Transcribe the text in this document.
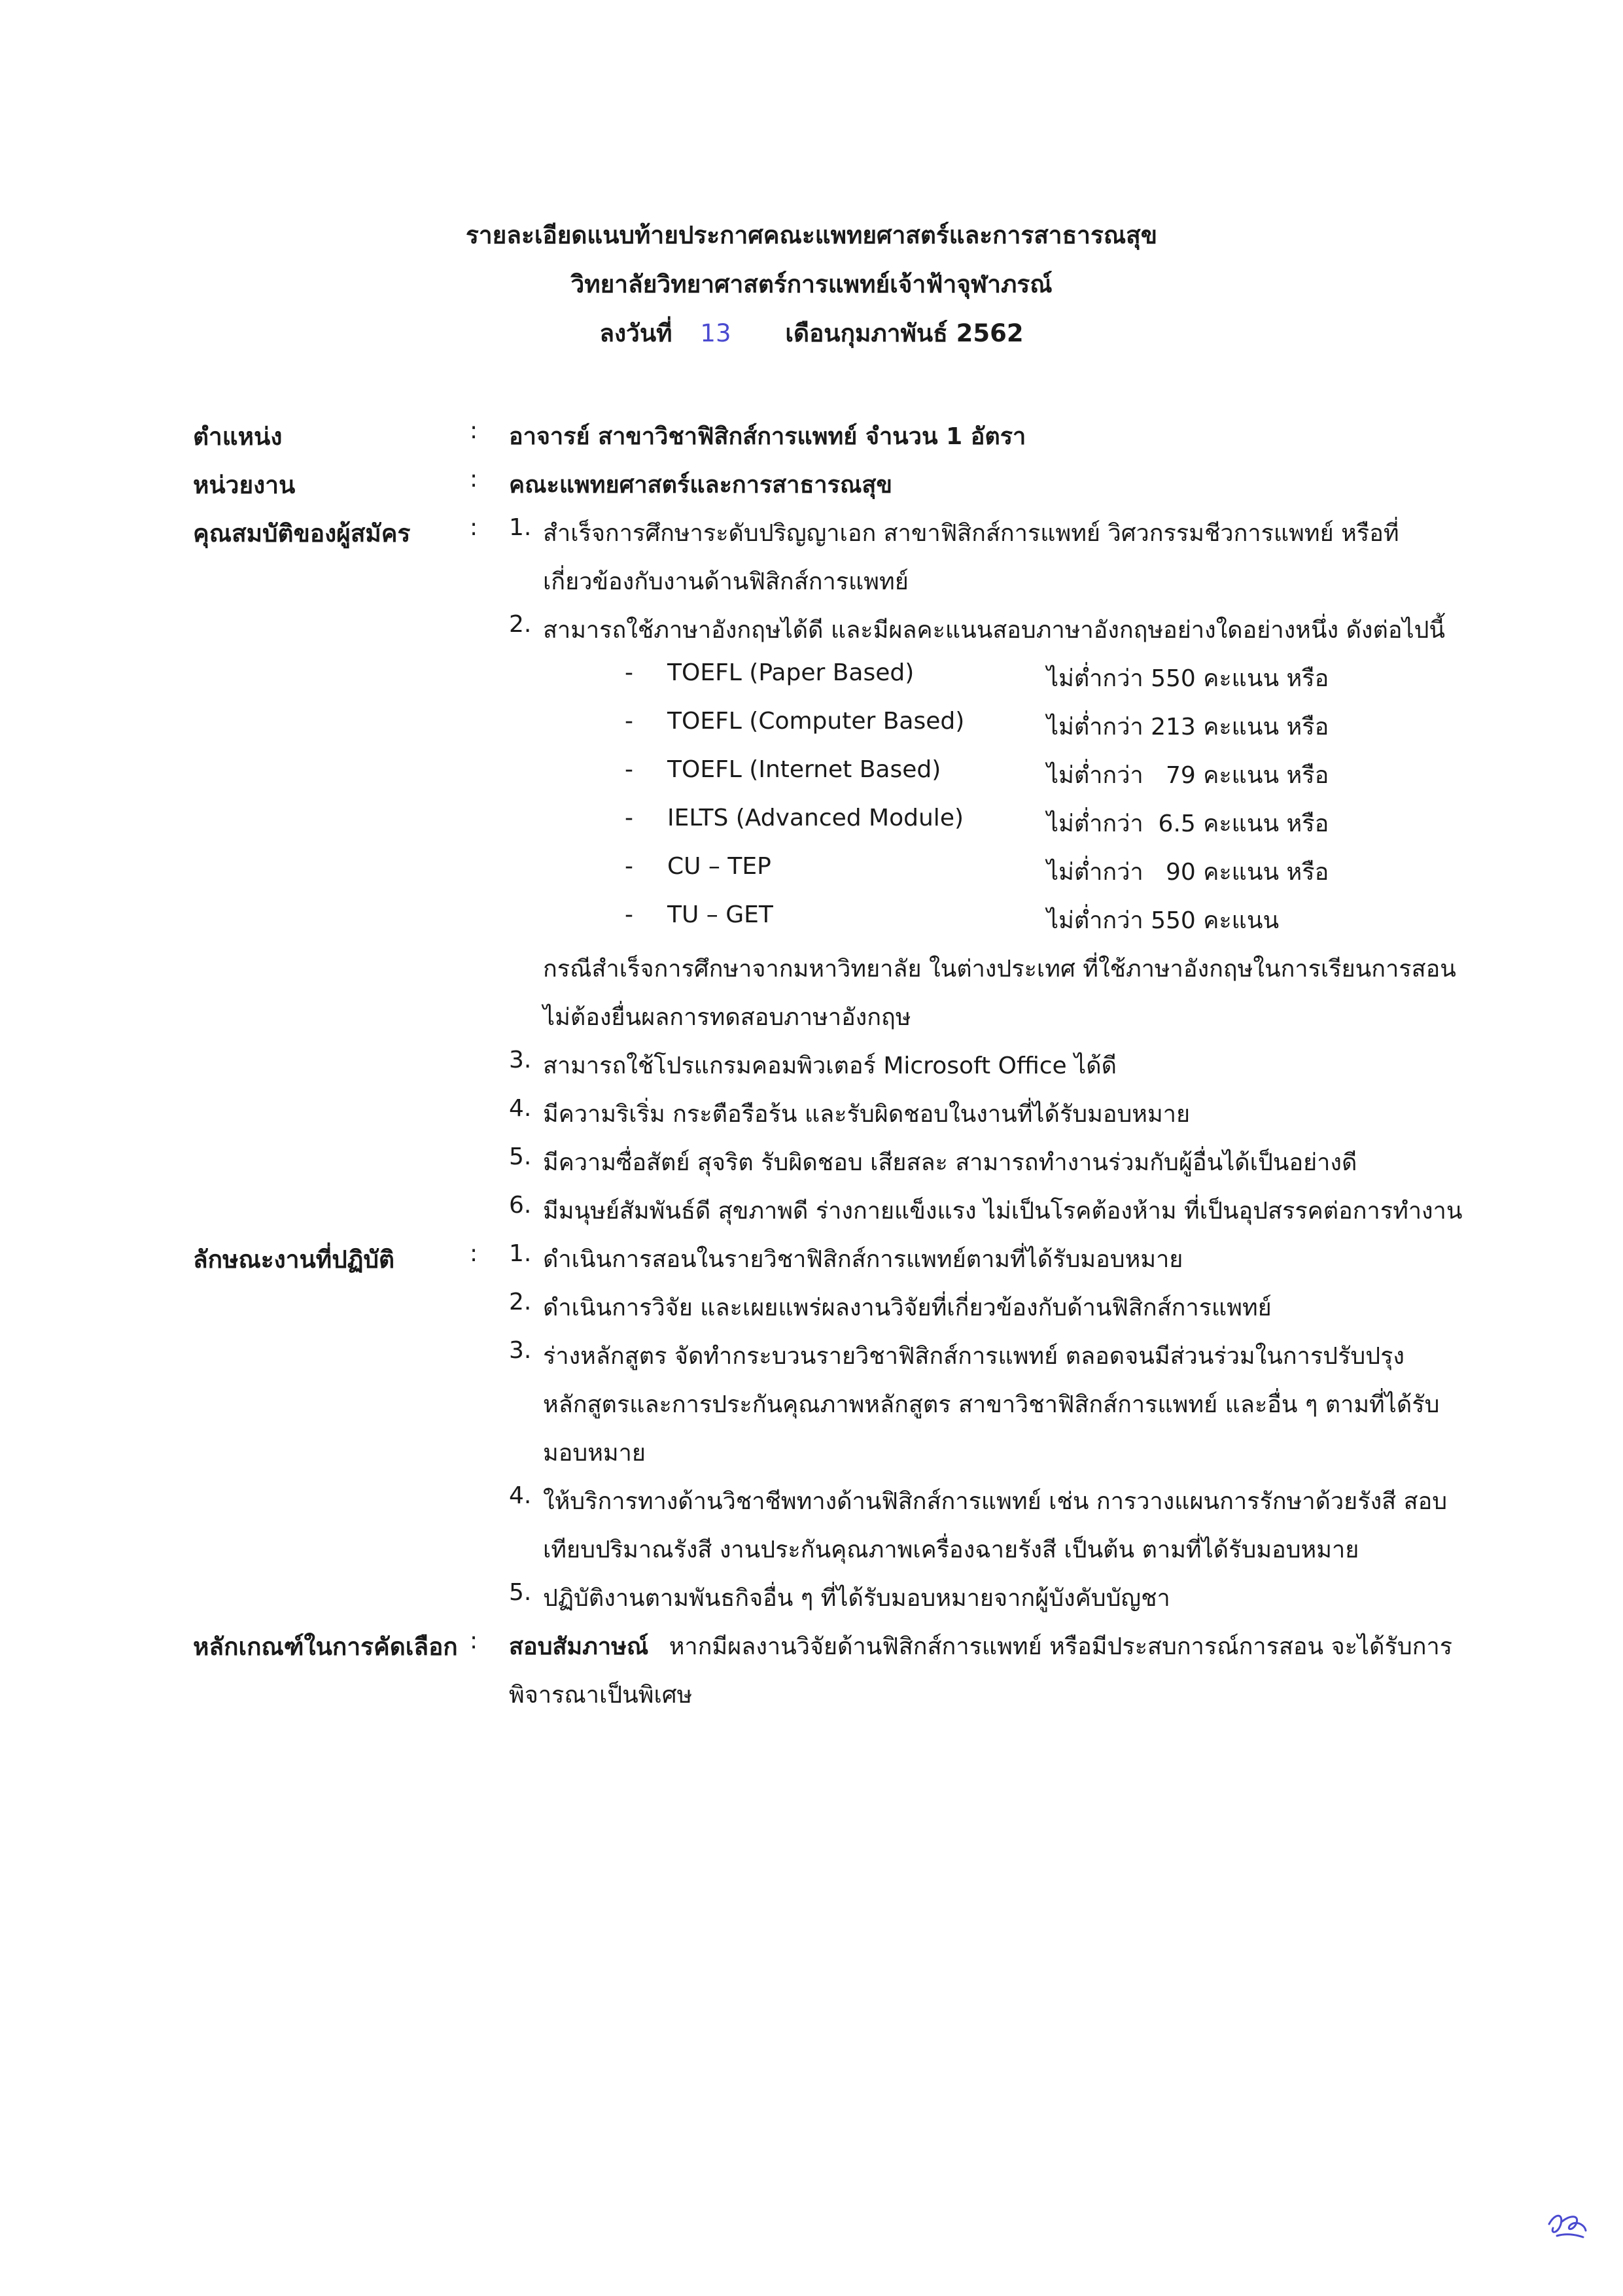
รายละเอียดแนบท้ายประกาศคณะแพทยศาสตร์และการสาธารณสุข
วิทยาลัยวิทยาศาสตร์การแพทย์เจ้าฟ้าจุฬาภรณ์
ลงวันที่ 13 เดือนกุมภาพันธ์ 2562
ตำแหน่ง	: อาจารย์ สาขาวิชาฟิสิกส์การแพทย์ จำนวน 1 อัตรา
หน่วยงาน	: คณะแพทยศาสตร์และการสาธารณสุข
คุณสมบัติของผู้สมัคร	: 1. สำเร็จการศึกษาระดับปริญญาเอก สาขาฟิสิกส์การแพทย์ วิศวกรรมชีวการแพทย์ หรือที่
เกี่ยวข้องกับงานด้านฟิสิกส์การแพทย์
2. สามารถใช้ภาษาอังกฤษได้ดี และมีผลคะแนนสอบภาษาอังกฤษอย่างใดอย่างหนึ่ง ดังต่อไปนี้
- TOEFL (Paper Based)	ไม่ต่ำกว่า 550 คะแนน หรือ
- TOEFL (Computer Based)	ไม่ต่ำกว่า 213 คะแนน หรือ
- TOEFL (Internet Based)	ไม่ต่ำกว่า   79 คะแนน หรือ
- IELTS (Advanced Module)	ไม่ต่ำกว่า  6.5 คะแนน หรือ
- CU – TEP	ไม่ต่ำกว่า   90 คะแนน หรือ
- TU – GET	ไม่ต่ำกว่า 550 คะแนน
กรณีสำเร็จการศึกษาจากมหาวิทยาลัย ในต่างประเทศ ที่ใช้ภาษาอังกฤษในการเรียนการสอน
ไม่ต้องยื่นผลการทดสอบภาษาอังกฤษ
3. สามารถใช้โปรแกรมคอมพิวเตอร์ Microsoft Office ได้ดี
4. มีความริเริ่ม กระตือรือร้น และรับผิดชอบในงานที่ได้รับมอบหมาย
5. มีความซื่อสัตย์ สุจริต รับผิดชอบ เสียสละ สามารถทำงานร่วมกับผู้อื่นได้เป็นอย่างดี
6. มีมนุษย์สัมพันธ์ดี สุขภาพดี ร่างกายแข็งแรง ไม่เป็นโรคต้องห้าม ที่เป็นอุปสรรคต่อการทำงาน
ลักษณะงานที่ปฏิบัติ	: 1. ดำเนินการสอนในรายวิชาฟิสิกส์การแพทย์ตามที่ได้รับมอบหมาย
2. ดำเนินการวิจัย และเผยแพร่ผลงานวิจัยที่เกี่ยวข้องกับด้านฟิสิกส์การแพทย์
3. ร่างหลักสูตร จัดทำกระบวนรายวิชาฟิสิกส์การแพทย์ ตลอดจนมีส่วนร่วมในการปรับปรุง
หลักสูตรและการประกันคุณภาพหลักสูตร สาขาวิชาฟิสิกส์การแพทย์ และอื่น ๆ ตามที่ได้รับ
มอบหมาย
4. ให้บริการทางด้านวิชาชีพทางด้านฟิสิกส์การแพทย์ เช่น การวางแผนการรักษาด้วยรังสี สอบ
เทียบปริมาณรังสี งานประกันคุณภาพเครื่องฉายรังสี เป็นต้น ตามที่ได้รับมอบหมาย
5. ปฏิบัติงานตามพันธกิจอื่น ๆ ที่ได้รับมอบหมายจากผู้บังคับบัญชา
หลักเกณฑ์ในการคัดเลือก : สอบสัมภาษณ์ หากมีผลงานวิจัยด้านฟิสิกส์การแพทย์ หรือมีประสบการณ์การสอน จะได้รับการ
พิจารณาเป็นพิเศษ
